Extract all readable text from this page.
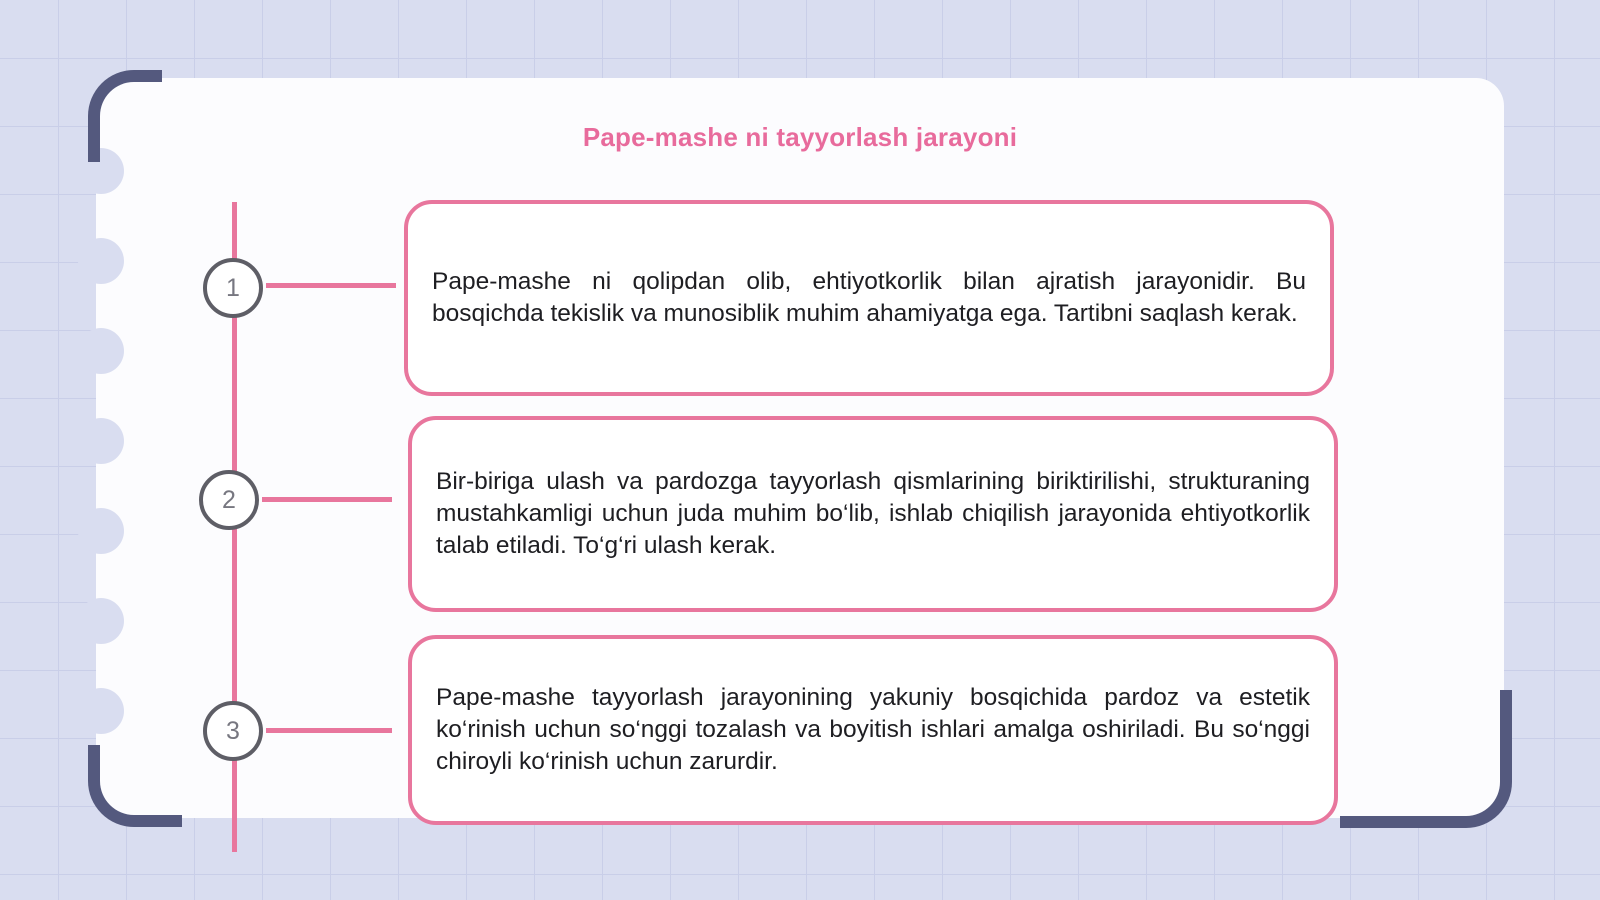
Pape-mashe ni tayyorlash jarayoni
1
2
3

Pape-mashe ni qolipdan olib, ehtiyotkorlik bilan ajratish jarayonidir. Bu bosqichda tekislik va munosiblik muhim ahamiyatga ega. Tartibni saqlash kerak.

Bir-biriga ulash va pardozga tayyorlash qismlarining biriktirilishi, strukturaning mustahkamligi uchun juda muhim bo‘lib, ishlab chiqilish jarayonida ehtiyotkorlik talab etiladi. To‘g‘ri ulash kerak.

Pape-mashe tayyorlash jarayonining yakuniy bosqichida pardoz va estetik ko‘rinish uchun so‘nggi tozalash va boyitish ishlari amalga oshiriladi. Bu so‘nggi chiroyli ko‘rinish uchun zarurdir.
